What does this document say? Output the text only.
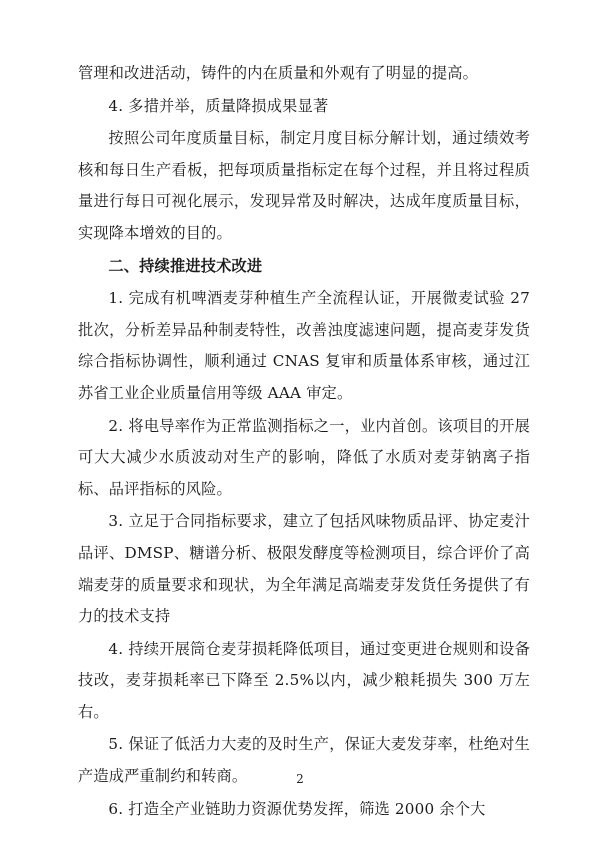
管理和改进活动，铸件的内在质量和外观有了明显的提高。

4. 多措并举，质量降损成果显著

按照公司年度质量目标，制定月度目标分解计划，通过绩效考核和每日生产看板，把每项质量指标定在每个过程，并且将过程质量进行每日可视化展示，发现异常及时解决，达成年度质量目标，实现降本增效的目的。

二、持续推进技术改进

1. 完成有机啤酒麦芽种植生产全流程认证，开展微麦试验 27 批次，分析差异品种制麦特性，改善浊度滤速问题，提高麦芽发货综合指标协调性，顺利通过 CNAS 复审和质量体系审核，通过江苏省工业企业质量信用等级 AAA 审定。

2. 将电导率作为正常监测指标之一，业内首创。该项目的开展可大大减少水质波动对生产的影响，降低了水质对麦芽钠离子指标、品评指标的风险。

3. 立足于合同指标要求，建立了包括风味物质品评、协定麦汁品评、DMSP、糖谱分析、极限发酵度等检测项目，综合评价了高端麦芽的质量要求和现状，为全年满足高端麦芽发货任务提供了有力的技术支持

4. 持续开展筒仓麦芽损耗降低项目，通过变更进仓规则和设备技改，麦芽损耗率已下降至 2.5%以内，减少粮耗损失 300 万左右。

5. 保证了低活力大麦的及时生产，保证大麦发芽率，杜绝对生产造成严重制约和转商。

6. 打造全产业链助力资源优势发挥，筛选 2000 余个大

2
